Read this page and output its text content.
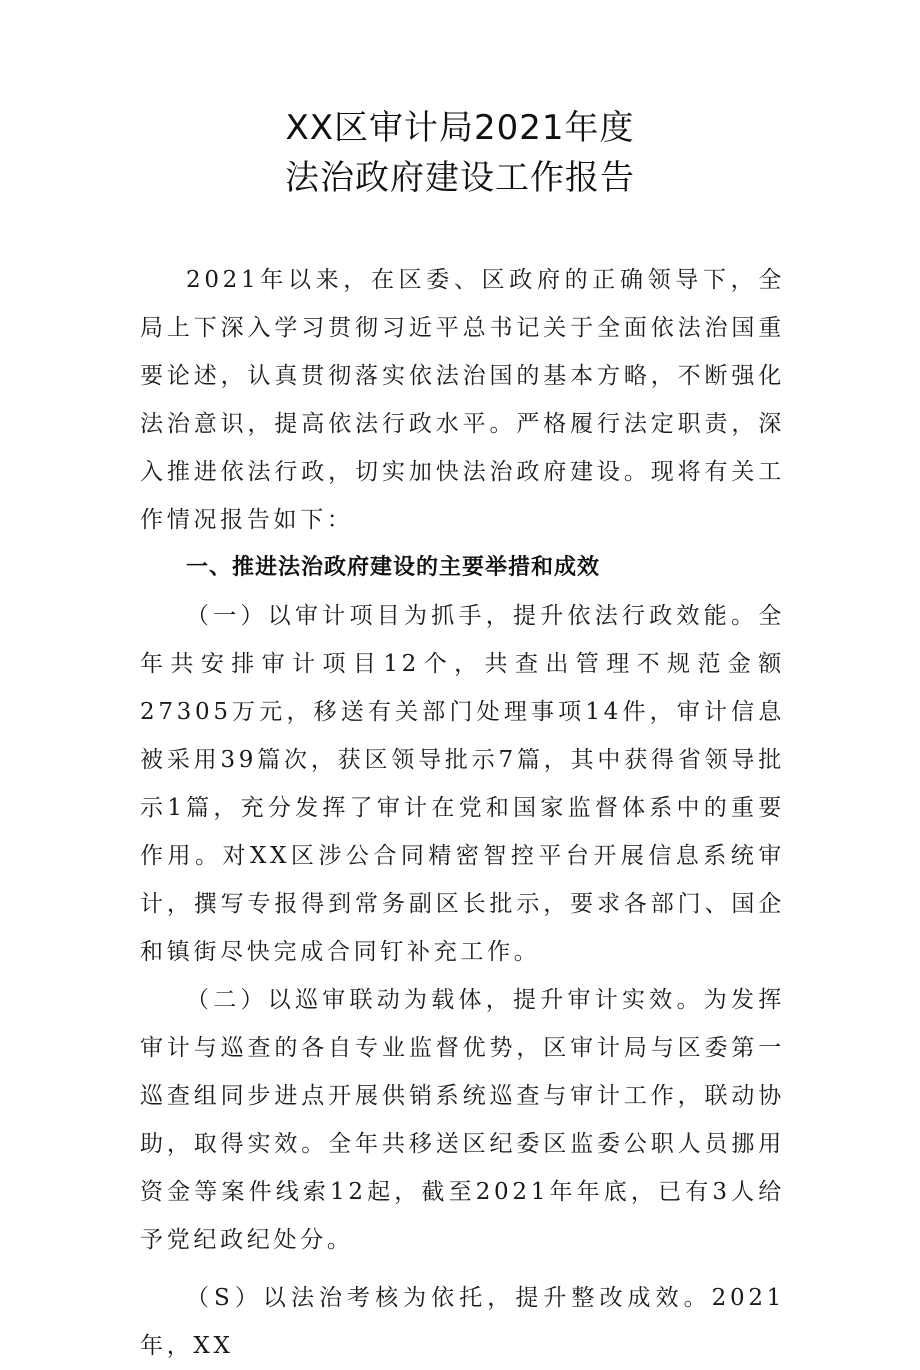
XX区审计局2021年度
法治政府建设工作报告

2021年以来，在区委、区政府的正确领导下，全局上下深入学习贯彻习近平总书记关于全面依法治国重要论述，认真贯彻落实依法治国的基本方略，不断强化法治意识，提高依法行政水平。严格履行法定职责，深入推进依法行政，切实加快法治政府建设。现将有关工作情况报告如下：

一、推进法治政府建设的主要举措和成效

（一）以审计项目为抓手，提升依法行政效能。全年共安排审计项目12个，共查出管理不规范金额27305万元，移送有关部门处理事项14件，审计信息被采用39篇次，获区领导批示7篇，其中获得省领导批示1篇，充分发挥了审计在党和国家监督体系中的重要作用。对XX区涉公合同精密智控平台开展信息系统审计，撰写专报得到常务副区长批示，要求各部门、国企和镇街尽快完成合同钉补充工作。

（二）以巡审联动为载体，提升审计实效。为发挥审计与巡查的各自专业监督优势，区审计局与区委第一巡查组同步进点开展供销系统巡查与审计工作，联动协助，取得实效。全年共移送区纪委区监委公职人员挪用资金等案件线索12起，截至2021年年底，已有3人给予党纪政纪处分。

（S）以法治考核为依托，提升整改成效。2021年，XX
